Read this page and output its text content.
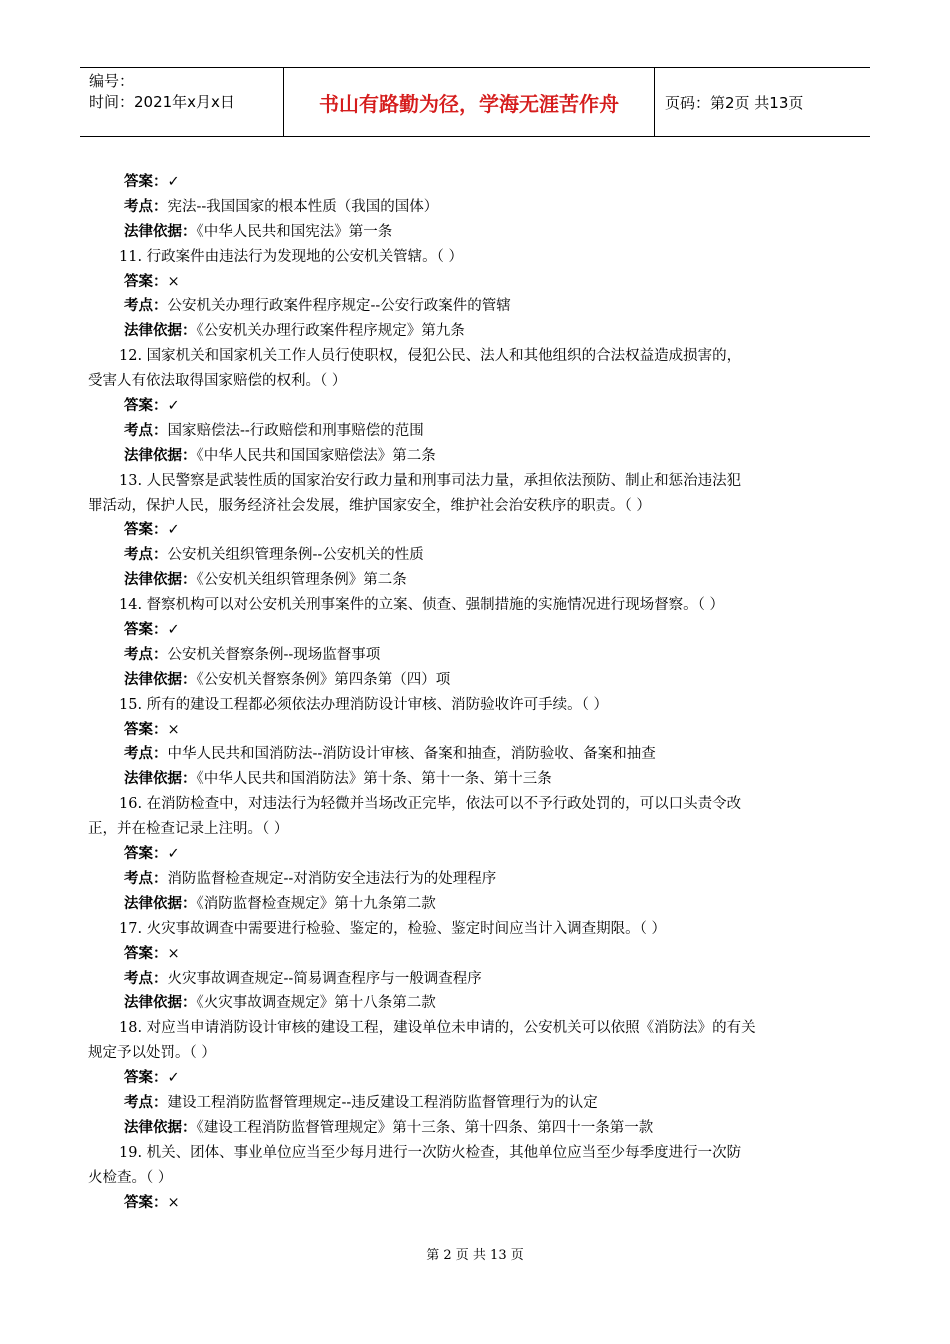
编号：
时间：2021年x月x日	书山有路勤为径，学海无涯苦作舟	页码：第2页 共13页
答案：✓
考点：宪法--我国国家的根本性质（我国的国体）
法律依据：《中华人民共和国宪法》第一条
11. 行政案件由违法行为发现地的公安机关管辖。（ ）
答案：×
考点：公安机关办理行政案件程序规定--公安行政案件的管辖
法律依据：《公安机关办理行政案件程序规定》第九条
12. 国家机关和国家机关工作人员行使职权，侵犯公民、法人和其他组织的合法权益造成损害的，
受害人有依法取得国家赔偿的权利。（ ）
答案：✓
考点：国家赔偿法--行政赔偿和刑事赔偿的范围
法律依据：《中华人民共和国国家赔偿法》第二条
13. 人民警察是武装性质的国家治安行政力量和刑事司法力量，承担依法预防、制止和惩治违法犯
罪活动，保护人民，服务经济社会发展，维护国家安全，维护社会治安秩序的职责。（ ）
答案：✓
考点：公安机关组织管理条例--公安机关的性质
法律依据：《公安机关组织管理条例》第二条
14. 督察机构可以对公安机关刑事案件的立案、侦查、强制措施的实施情况进行现场督察。（ ）
答案：✓
考点：公安机关督察条例--现场监督事项
法律依据：《公安机关督察条例》第四条第（四）项
15. 所有的建设工程都必须依法办理消防设计审核、消防验收许可手续。（ ）
答案：×
考点：中华人民共和国消防法--消防设计审核、备案和抽查，消防验收、备案和抽查
法律依据：《中华人民共和国消防法》第十条、第十一条、第十三条
16. 在消防检查中，对违法行为轻微并当场改正完毕，依法可以不予行政处罚的，可以口头责令改
正，并在检查记录上注明。（ ）
答案：✓
考点：消防监督检查规定--对消防安全违法行为的处理程序
法律依据：《消防监督检查规定》第十九条第二款
17. 火灾事故调查中需要进行检验、鉴定的，检验、鉴定时间应当计入调查期限。（ ）
答案：×
考点：火灾事故调查规定--简易调查程序与一般调查程序
法律依据：《火灾事故调查规定》第十八条第二款
18. 对应当申请消防设计审核的建设工程，建设单位未申请的，公安机关可以依照《消防法》的有关
规定予以处罚。（ ）
答案：✓
考点：建设工程消防监督管理规定--违反建设工程消防监督管理行为的认定
法律依据：《建设工程消防监督管理规定》第十三条、第十四条、第四十一条第一款
19. 机关、团体、事业单位应当至少每月进行一次防火检查，其他单位应当至少每季度进行一次防
火检查。（ ）
答案：×
第 2 页 共 13 页
